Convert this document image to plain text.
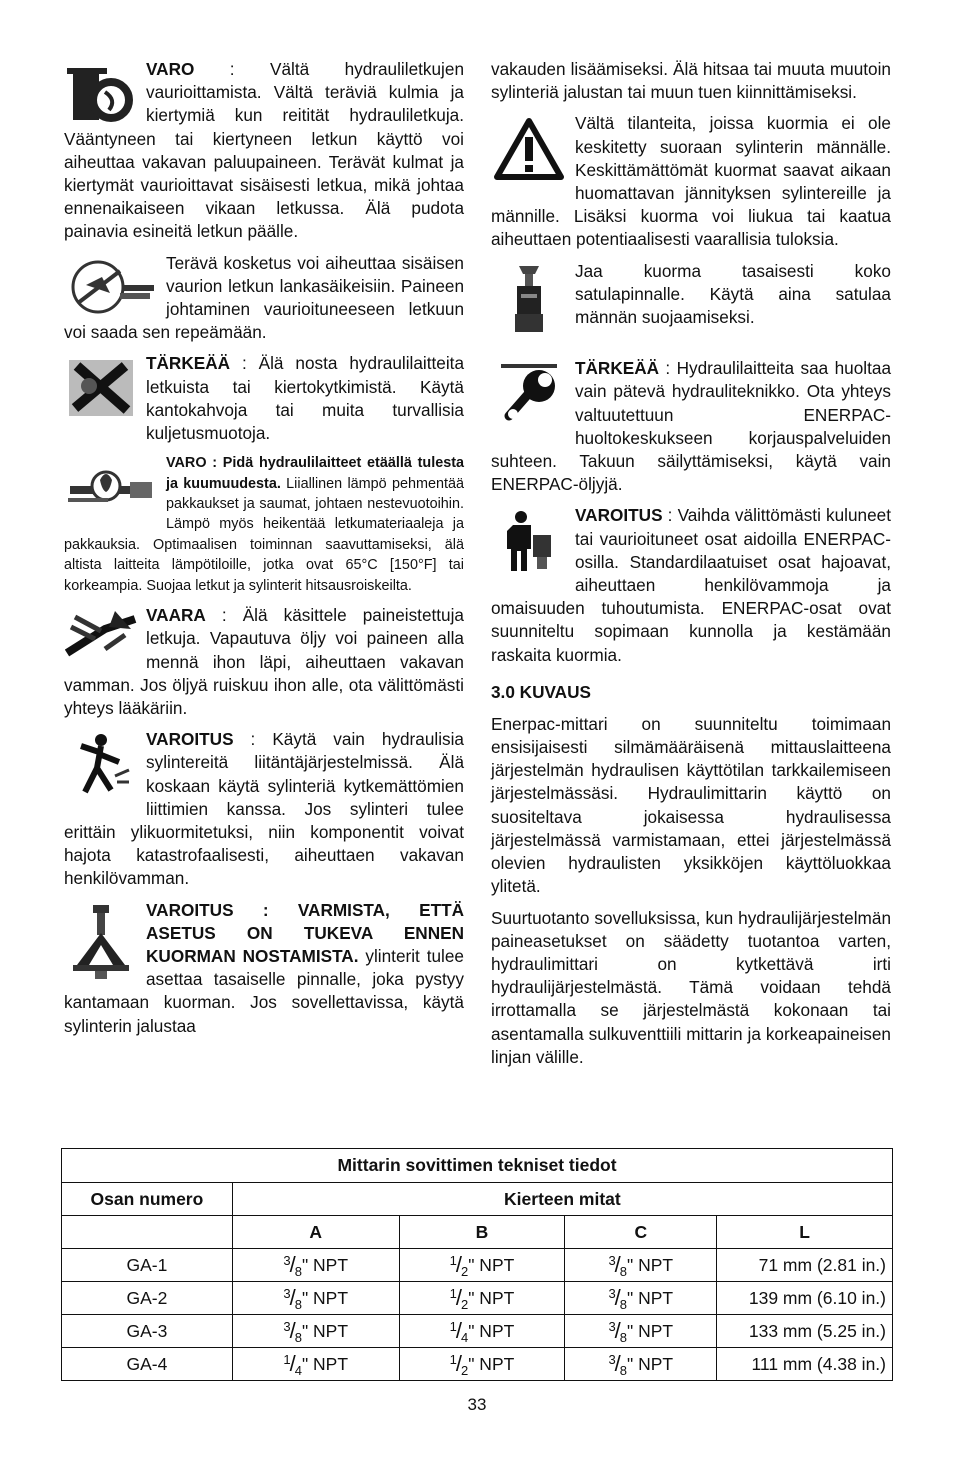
VARO : Vältä hydrauliletkujen vaurioittamista. Vältä teräviä kulmia ja kiertymiä kun reitität hydrauliletkuja. Vääntyneen tai kiertyneen letkun käyttö voi aiheuttaa vakavan paluupaineen. Terävät kulmat ja kiertymät vaurioittavat sisäisesti letkua, mikä johtaa ennenaikaiseen vikaan letkussa. Älä pudota painavia esineitä letkun päälle.

Terävä kosketus voi aiheuttaa sisäisen vaurion letkun lankasäikeisiin. Paineen johtaminen vaurioituneeseen letkuun voi saada sen repeämään.

TÄRKEÄÄ : Älä nosta hydraulilaitteita letkuista tai kiertokytkimistä. Käytä kantokahvoja tai muita turvallisia kuljetusmuotoja.

VARO : Pidä hydraulilaitteet etäällä tulesta ja kuumuudesta. Liiallinen lämpö pehmentää pakkaukset ja saumat, johtaen nestevuotoihin. Lämpö myös heikentää letkumateriaaleja ja pakkauksia. Optimaalisen toiminnan saavuttamiseksi, älä altista laitteita lämpötiloille, jotka ovat 65°C [150°F] tai korkeampia. Suojaa letkut ja sylinterit hitsausroiskeilta.

VAARA : Älä käsittele paineistettuja letkuja. Vapautuva öljy voi paineen alla mennä ihon läpi, aiheuttaen vakavan vamman. Jos öljyä ruiskuu ihon alle, ota välittömästi yhteys lääkäriin.

VAROITUS : Käytä vain hydraulisia sylintereitä liitäntäjärjestelmissä. Älä koskaan käytä sylinteriä kytkemättömien liittimien kanssa. Jos sylinteri tulee erittäin ylikuormitetuksi, niin komponentit voivat hajota katastrofaalisesti, aiheuttaen vakavan henkilövamman.

VAROITUS : VARMISTA, ETTÄ ASETUS ON TUKEVA ENNEN KUORMAN NOSTAMISTA. ylinterit tulee asettaa tasaiselle pinnalle, joka pystyy kantamaan kuorman. Jos sovellettavissa, käytä sylinterin jalustaa

vakauden lisäämiseksi. Älä hitsaa tai muuta muutoin sylinteriä jalustan tai muun tuen kiinnittämiseksi.

Vältä tilanteita, joissa kuormia ei ole keskitetty suoraan sylinterin männälle. Keskittämättömät kuormat saavat aikaan huomattavan jännityksen sylintereille ja männille. Lisäksi kuorma voi liukua tai kaatua aiheuttaen potentiaalisesti vaarallisia tuloksia.

Jaa kuorma tasaisesti koko satulapinnalle. Käytä aina satulaa männän suojaamiseksi.

TÄRKEÄÄ : Hydraulilaitteita saa huoltaa vain pätevä hydrauliteknikko. Ota yhteys valtuutettuun ENERPAC-huoltokeskukseen korjauspalveluiden suhteen. Takuun säilyttämiseksi, käytä vain ENERPAC-öljyjä.

VAROITUS : Vaihda välittömästi kuluneet tai vaurioituneet osat aidoilla ENERPAC-osilla. Standardilaatuiset osat hajoavat, aiheuttaen henkilövammoja ja omaisuuden tuhoutumista. ENERPAC-osat ovat suunniteltu sopimaan kunnolla ja kestämään raskaita kuormia.

3.0 KUVAUS

Enerpac-mittari on suunniteltu toimimaan ensisijaisesti silmämääräisenä mittauslaitteena järjestelmän hydraulisen käyttötilan tarkkailemiseen järjestelmässäsi. Hydraulimittarin käyttö on suositeltava jokaisessa hydraulisessa järjestelmässä varmistamaan, ettei järjestelmässä olevien hydraulisten yksikköjen käyttöluokkaa ylitetä.

Suurtuotanto sovelluksissa, kun hydraulijärjestelmän paineasetukset on säädetty tuotantoa varten, hydraulimittari on kytkettävä irti hydraulijärjestelmästä. Tämä voidaan tehdä irrottamalla se järjestelmästä kokonaan tai asentamalla sulkuventtiili mittarin ja korkeapaineisen linjan välille.

Mittarin sovittimen tekniset tiedot				
Osan numero	Kierteen mitat			
	A	B	C	L
GA-1	$^3/_8$" NPT	$^1/_2$" NPT	$^3/_8$" NPT	71 mm (2.81 in.)
GA-2	$^3/_8$" NPT	$^1/_2$" NPT	$^3/_8$" NPT	139 mm (6.10 in.)
GA-3	$^3/_8$" NPT	$^1/_4$" NPT	$^3/_8$" NPT	133 mm (5.25 in.)
GA-4	$^1/_4$" NPT	$^1/_2$" NPT	$^3/_8$" NPT	111 mm (4.38 in.)
33
